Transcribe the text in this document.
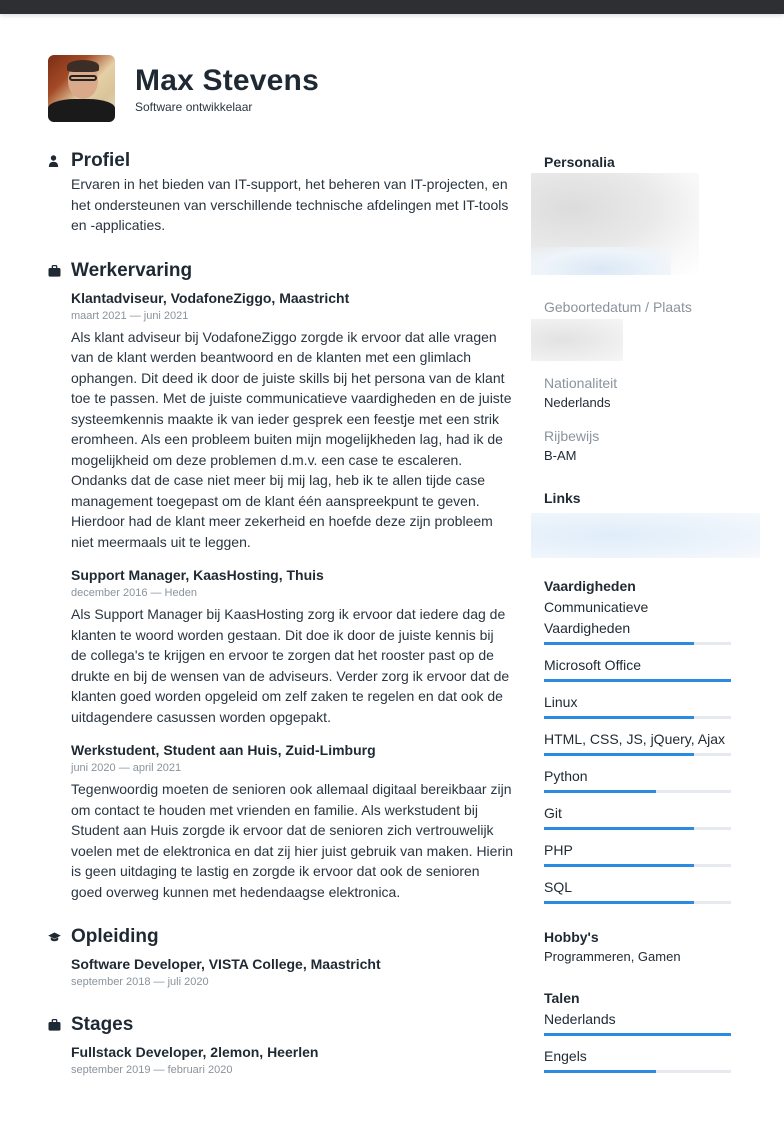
Max Stevens
Software ontwikkelaar
Profiel
Ervaren in het bieden van IT-support, het beheren van IT-projecten, en het ondersteunen van verschillende technische afdelingen met IT-tools en -applicaties.
Werkervaring
Klantadviseur, VodafoneZiggo, Maastricht
maart 2021 — juni 2021
Als klant adviseur bij VodafoneZiggo zorgde ik ervoor dat alle vragen van de klant werden beantwoord en de klanten met een glimlach ophangen. Dit deed ik door de juiste skills bij het persona van de klant toe te passen. Met de juiste communicatieve vaardigheden en de juiste systeemkennis maakte ik van ieder gesprek een feestje met een strik eromheen. Als een probleem buiten mijn mogelijkheden lag, had ik de mogelijkheid om deze problemen d.m.v. een case te escaleren. Ondanks dat de case niet meer bij mij lag, heb ik te allen tijde case management toegepast om de klant één aanspreekpunt te geven. Hierdoor had de klant meer zekerheid en hoefde deze zijn probleem niet meermaals uit te leggen.
Support Manager, KaasHosting, Thuis
december 2016 — Heden
Als Support Manager bij KaasHosting zorg ik ervoor dat iedere dag de klanten te woord worden gestaan. Dit doe ik door de juiste kennis bij de collega's te krijgen en ervoor te zorgen dat het rooster past op de drukte en bij de wensen van de adviseurs. Verder zorg ik ervoor dat de klanten goed worden opgeleid om zelf zaken te regelen en dat ook de uitdagendere casussen worden opgepakt.
Werkstudent, Student aan Huis, Zuid-Limburg
juni 2020 — april 2021
Tegenwoordig moeten de senioren ook allemaal digitaal bereikbaar zijn om contact te houden met vrienden en familie. Als werkstudent bij Student aan Huis zorgde ik ervoor dat de senioren zich vertrouwelijk voelen met de elektronica en dat zij hier juist gebruik van maken. Hierin is geen uitdaging te lastig en zorgde ik ervoor dat ook de senioren goed overweg kunnen met hedendaagse elektronica.
Opleiding
Software Developer, VISTA College, Maastricht
september 2018 — juli 2020
Stages
Fullstack Developer, 2lemon, Heerlen
september 2019 — februari 2020
Personalia
Geboortedatum / Plaats
Nationaliteit
Nederlands
Rijbewijs
B-AM
Links
Vaardigheden
Communicatieve Vaardigheden
Microsoft Office
Linux
HTML, CSS, JS, jQuery, Ajax
Python
Git
PHP
SQL
Hobby's
Programmeren, Gamen
Talen
Nederlands
Engels
